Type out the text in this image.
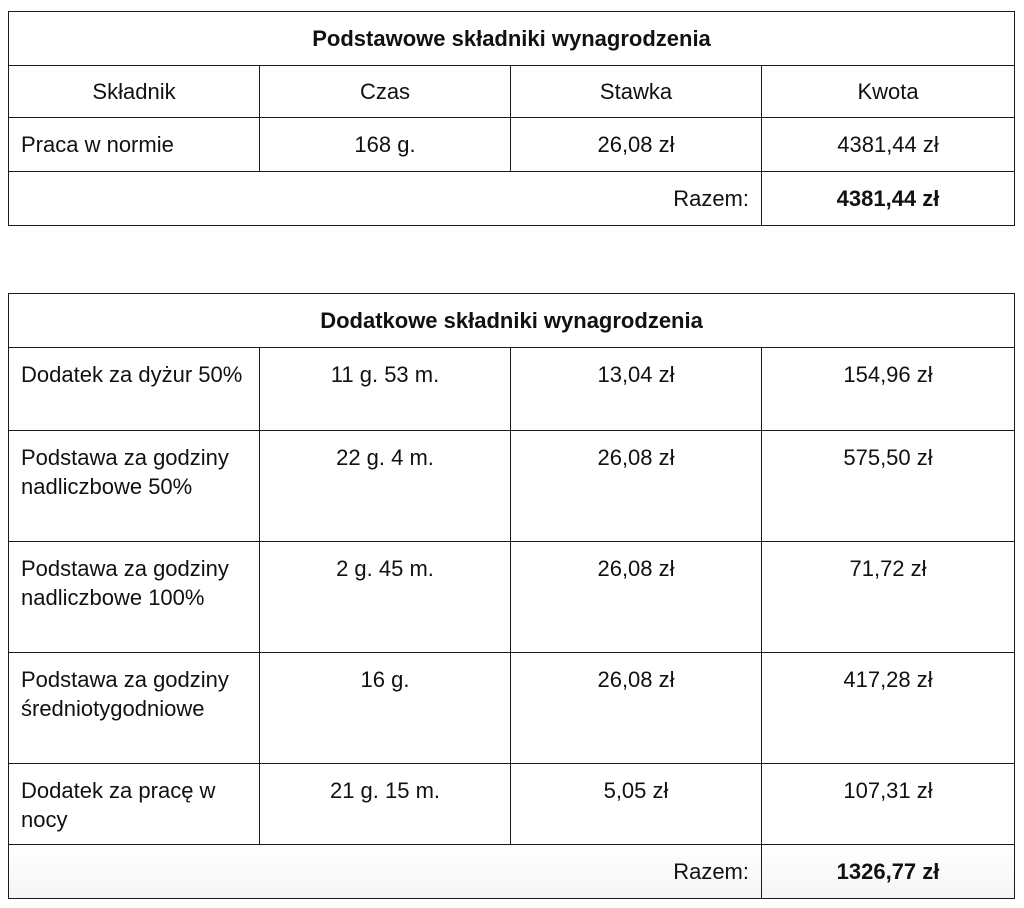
Podstawowe składniki wynagrodzenia			
Składnik	Czas	Stawka	Kwota
Praca w normie	168 g.	26,08 zł	4381,44 zł
Razem:			4381,44 zł
Dodatkowe składniki wynagrodzenia			
Dodatek za dyżur 50%	11 g. 53 m.	13,04 zł	154,96 zł
Podstawa za godziny nadliczbowe 50%	22 g. 4 m.	26,08 zł	575,50 zł
Podstawa za godziny nadliczbowe 100%	2 g. 45 m.	26,08 zł	71,72 zł
Podstawa za godziny średniotygodniowe	16 g.	26,08 zł	417,28 zł
Dodatek za pracę w nocy	21 g. 15 m.	5,05 zł	107,31 zł
Razem:			1326,77 zł
